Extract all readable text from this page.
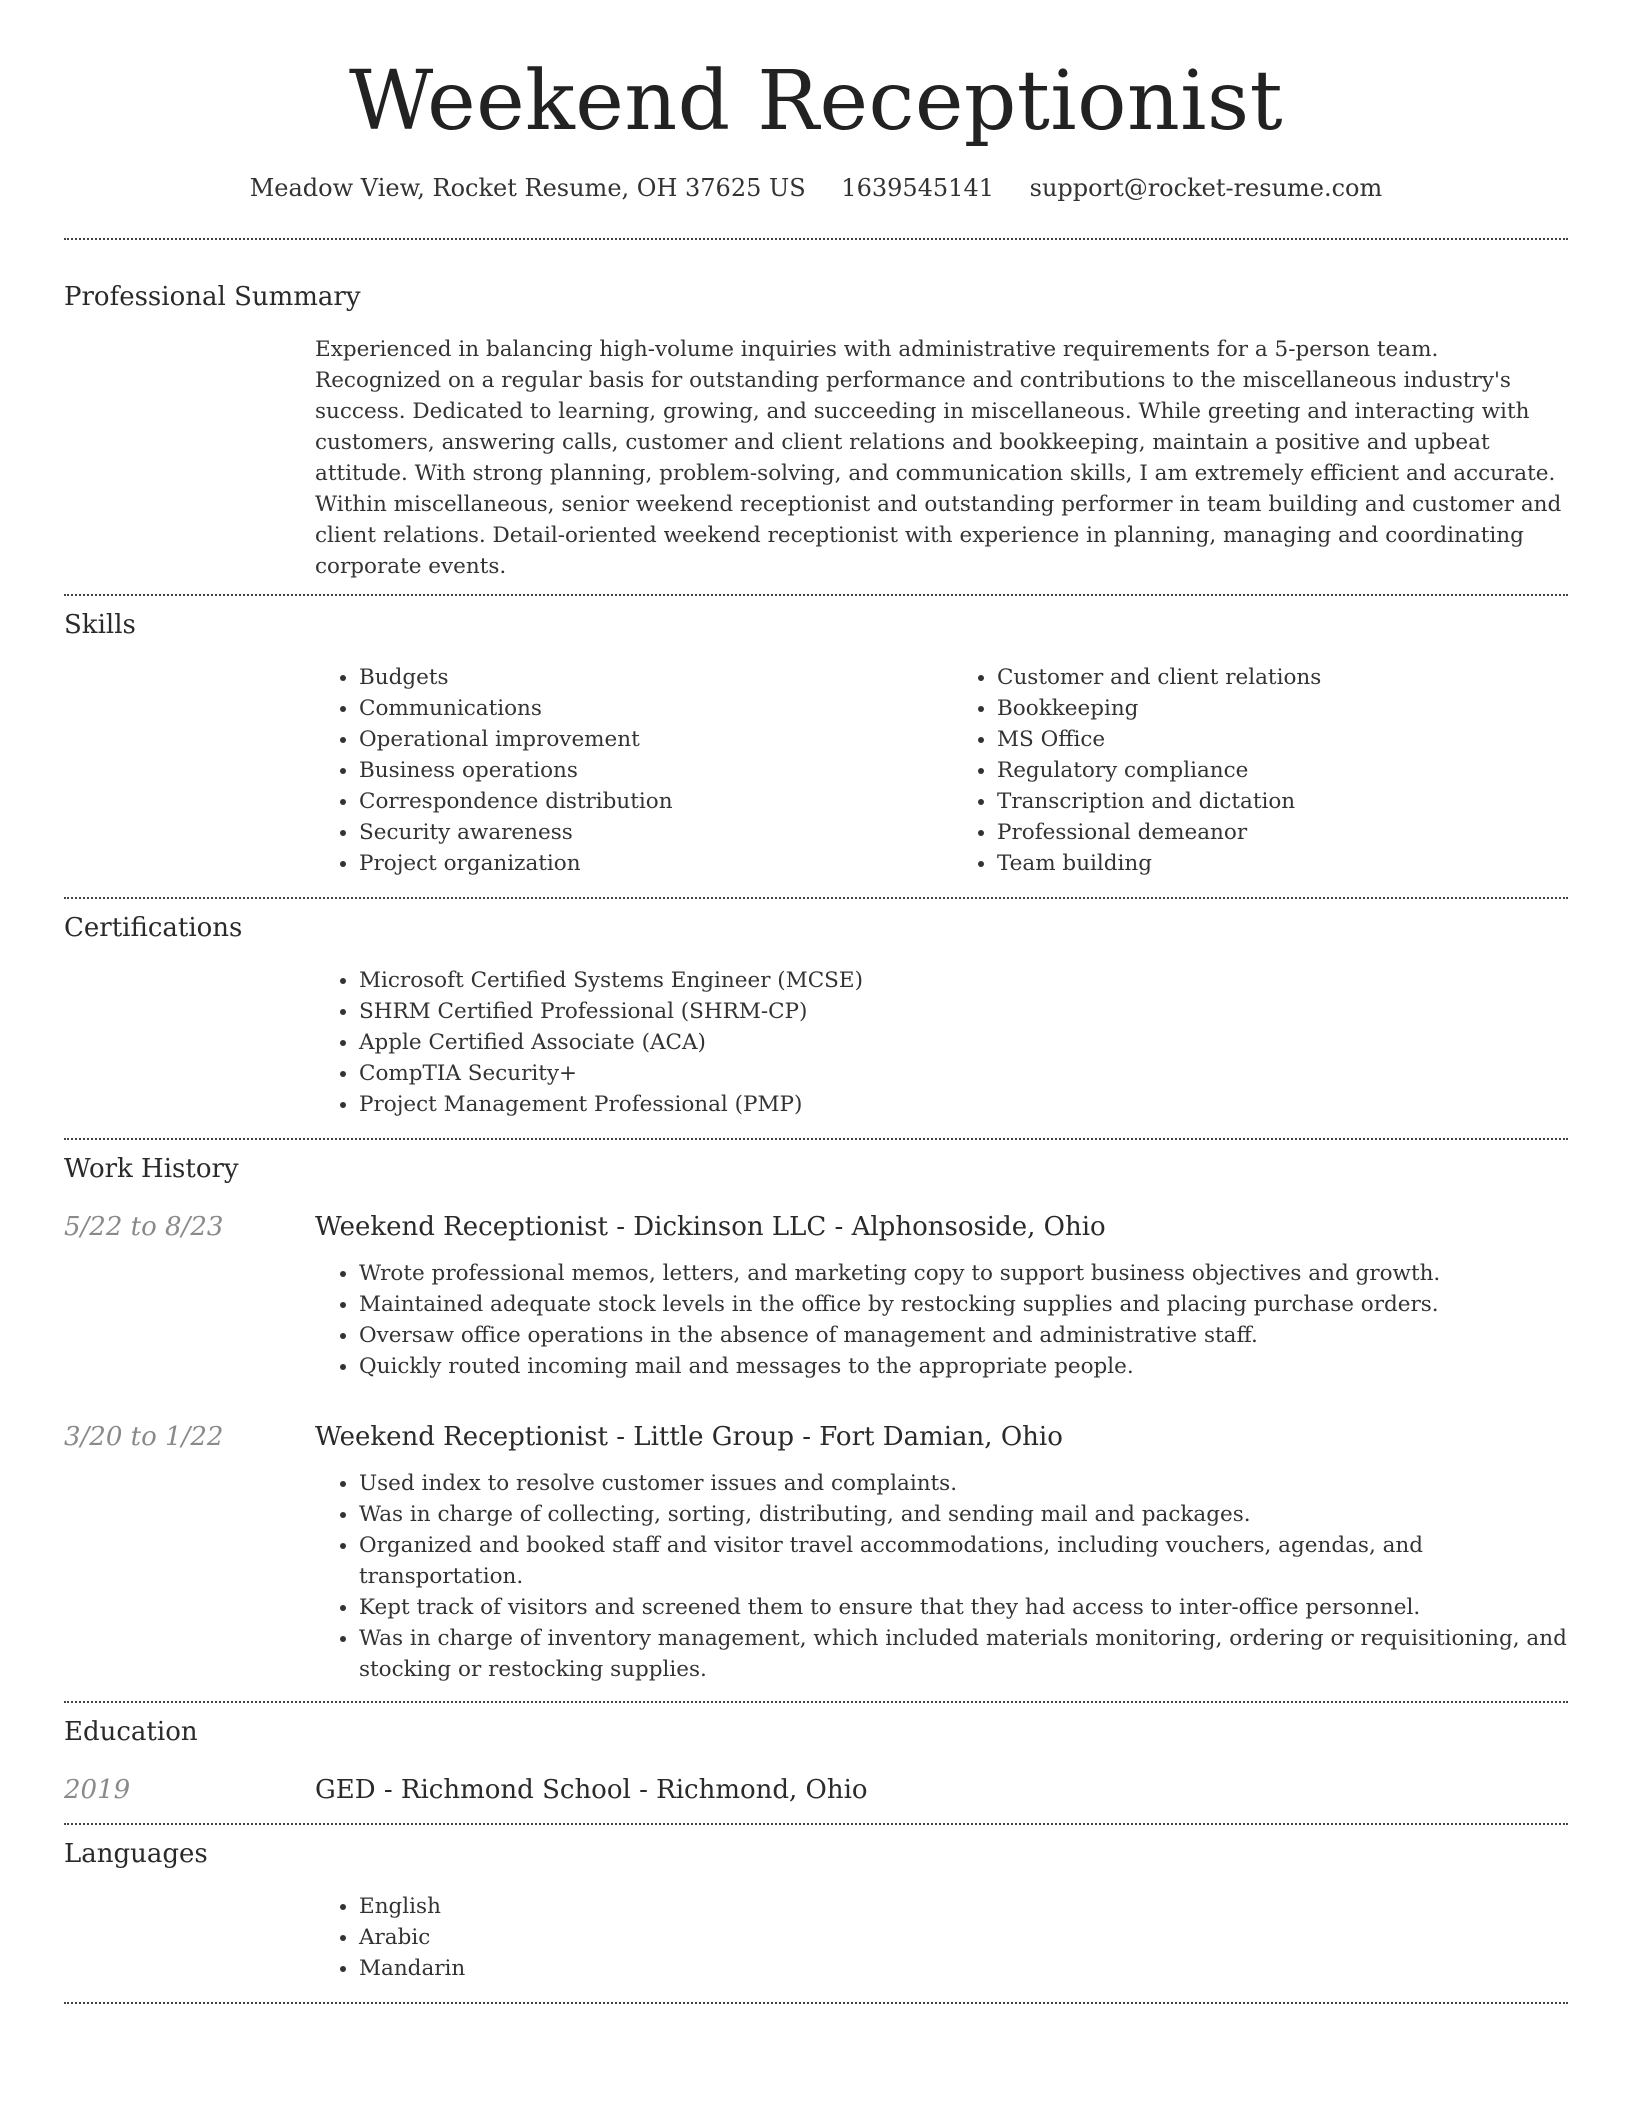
Weekend Receptionist
Meadow View, Rocket Resume, OH 37625 US 1639545141 support@rocket-resume.com
Professional Summary
Experienced in balancing high-volume inquiries with administrative requirements for a 5-person team. Recognized on a regular basis for outstanding performance and contributions to the miscellaneous industry's success. Dedicated to learning, growing, and succeeding in miscellaneous. While greeting and interacting with customers, answering calls, customer and client relations and bookkeeping, maintain a positive and upbeat attitude. With strong planning, problem-solving, and communication skills, I am extremely efficient and accurate. Within miscellaneous, senior weekend receptionist and outstanding performer in team building and customer and client relations. Detail-oriented weekend receptionist with experience in planning, managing and coordinating corporate events.
Skills
• Budgets
• Communications
• Operational improvement
• Business operations
• Correspondence distribution
• Security awareness
• Project organization
• Customer and client relations
• Bookkeeping
• MS Office
• Regulatory compliance
• Transcription and dictation
• Professional demeanor
• Team building
Certifications
• Microsoft Certified Systems Engineer (MCSE)
• SHRM Certified Professional (SHRM-CP)
• Apple Certified Associate (ACA)
• CompTIA Security+
• Project Management Professional (PMP)
Work History
5/22 to 8/23	Weekend Receptionist - Dickinson LLC - Alphonsoside, Ohio
• Wrote professional memos, letters, and marketing copy to support business objectives and growth.
• Maintained adequate stock levels in the office by restocking supplies and placing purchase orders.
• Oversaw office operations in the absence of management and administrative staff.
• Quickly routed incoming mail and messages to the appropriate people.
3/20 to 1/22	Weekend Receptionist - Little Group - Fort Damian, Ohio
• Used index to resolve customer issues and complaints.
• Was in charge of collecting, sorting, distributing, and sending mail and packages.
• Organized and booked staff and visitor travel accommodations, including vouchers, agendas, and transportation.
• Kept track of visitors and screened them to ensure that they had access to inter-office personnel.
• Was in charge of inventory management, which included materials monitoring, ordering or requisitioning, and stocking or restocking supplies.
Education
2019	GED - Richmond School - Richmond, Ohio
Languages
• English
• Arabic
• Mandarin
